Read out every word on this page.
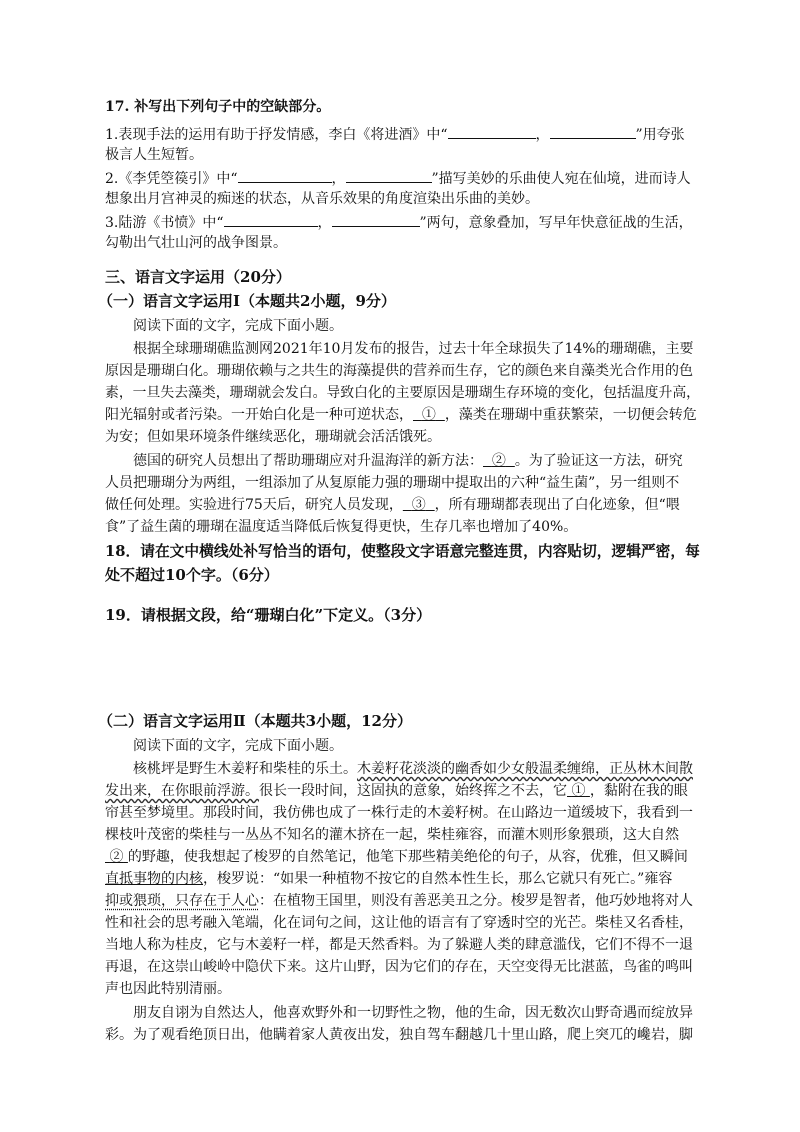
17. 补写出下列句子中的空缺部分。
1.表现手法的运用有助于抒发情感，李白《将进酒》中“	，	”用夸张
极言人生短暂。
2.《李凭箜篌引》中“	，	”描写美妙的乐曲使人宛在仙境，进而诗人
想象出月宫神灵的痴迷的状态，从音乐效果的角度渲染出乐曲的美妙。
3.陆游《书愤》中“	，	”两句，意象叠加，写早年快意征战的生活，
勾勒出气壮山河的战争图景。
三、语言文字运用（20分）
（一）语言文字运用Ⅰ（本题共2小题，9分）
阅读下面的文字，完成下面小题。
根据全球珊瑚礁监测网2021年10月发布的报告，过去十年全球损失了14%的珊瑚礁，主要
原因是珊瑚白化。珊瑚依赖与之共生的海藻提供的营养而生存，它的颜色来自藻类光合作用的色
素，一旦失去藻类，珊瑚就会发白。导致白化的主要原因是珊瑚生存环境的变化，包括温度升高，
阳光辐射或者污染。一开始白化是一种可逆状态， ① ，藻类在珊瑚中重获繁荣，一切便会转危
为安；但如果环境条件继续恶化，珊瑚就会活活饿死。
德国的研究人员想出了帮助珊瑚应对升温海洋的新方法： ② 。为了验证这一方法，研究
人员把珊瑚分为两组，一组添加了从复原能力强的珊瑚中提取出的六种“益生菌”，另一组则不
做任何处理。实验进行75天后，研究人员发现， ③ ，所有珊瑚都表现出了白化迹象，但“喂
食”了益生菌的珊瑚在温度适当降低后恢复得更快，生存几率也增加了40%。
18．请在文中横线处补写恰当的语句，使整段文字语意完整连贯，内容贴切，逻辑严密，每
处不超过10个字。（6分）
19．请根据文段，给“珊瑚白化”下定义。（3分）
（二）语言文字运用Ⅱ（本题共3小题，12分）
阅读下面的文字，完成下面小题。
核桃坪是野生木姜籽和柴桂的乐土。木姜籽花淡淡的幽香如少女般温柔缠绵，正丛林木间散
发出来，在你眼前浮游。很长一段时间，这固执的意象，始终挥之不去，它 ① ，黏附在我的眼
帘甚至梦境里。那段时间，我仿佛也成了一株行走的木姜籽树。在山路边一道缓坡下，我看到一
棵枝叶茂密的柴桂与一丛丛不知名的灌木挤在一起，柴桂雍容，而灌木则形象猥琐，这大自然
② 的野趣，使我想起了梭罗的自然笔记，他笔下那些精美绝伦的句子，从容，优雅，但又瞬间
直抵事物的内核，梭罗说：“如果一种植物不按它的自然本性生长，那么它就只有死亡。”雍容
抑或猥琐，只存在于人心：在植物王国里，则没有善恶美丑之分。梭罗是智者，他巧妙地将对人
性和社会的思考融入笔端，化在词句之间，这让他的语言有了穿透时空的光芒。柴桂又名香桂，
当地人称为桂皮，它与木姜籽一样，都是天然香料。为了躲避人类的肆意滥伐，它们不得不一退
再退，在这崇山峻岭中隐伏下来。这片山野，因为它们的存在，天空变得无比湛蓝，鸟雀的鸣叫
声也因此特别清丽。
朋友自诩为自然达人，他喜欢野外和一切野性之物，他的生命，因无数次山野奇遇而绽放异
彩。为了观看绝顶日出，他瞒着家人黄夜出发，独自驾车翻越几十里山路，爬上突兀的巉岩，脚
